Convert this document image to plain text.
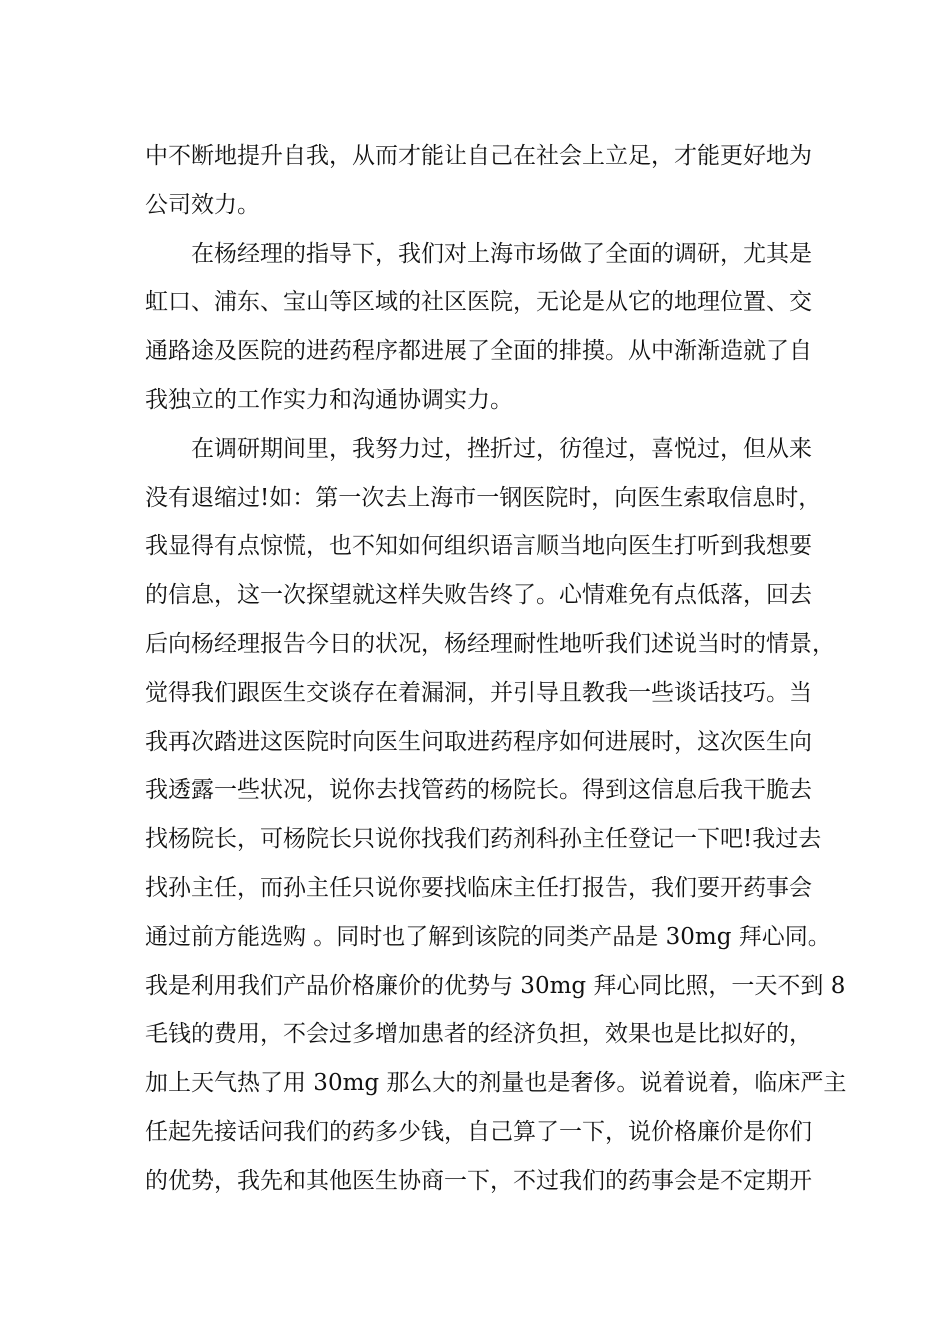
中不断地提升自我，从而才能让自己在社会上立足，才能更好地为
公司效力。
在杨经理的指导下，我们对上海市场做了全面的调研，尤其是
虹口、浦东、宝山等区域的社区医院，无论是从它的地理位置、交
通路途及医院的进药程序都进展了全面的排摸。从中渐渐造就了自
我独立的工作实力和沟通协调实力。
在调研期间里，我努力过，挫折过，彷徨过，喜悦过，但从来
没有退缩过!如：第一次去上海市一钢医院时，向医生索取信息时，
我显得有点惊慌，也不知如何组织语言顺当地向医生打听到我想要
的信息，这一次探望就这样失败告终了。心情难免有点低落，回去
后向杨经理报告今日的状况，杨经理耐性地听我们述说当时的情景，
觉得我们跟医生交谈存在着漏洞，并引导且教我一些谈话技巧。当
我再次踏进这医院时向医生问取进药程序如何进展时，这次医生向
我透露一些状况，说你去找管药的杨院长。得到这信息后我干脆去
找杨院长，可杨院长只说你找我们药剂科孙主任登记一下吧!我过去
找孙主任，而孙主任只说你要找临床主任打报告，我们要开药事会
通过前方能选购 。同时也了解到该院的同类产品是 30mg 拜心同。
我是利用我们产品价格廉价的优势与 30mg 拜心同比照，一天不到 8
毛钱的费用，不会过多增加患者的经济负担，效果也是比拟好的，
加上天气热了用 30mg 那么大的剂量也是奢侈。说着说着，临床严主
任起先接话问我们的药多少钱，自己算了一下，说价格廉价是你们
的优势，我先和其他医生协商一下，不过我们的药事会是不定期开
